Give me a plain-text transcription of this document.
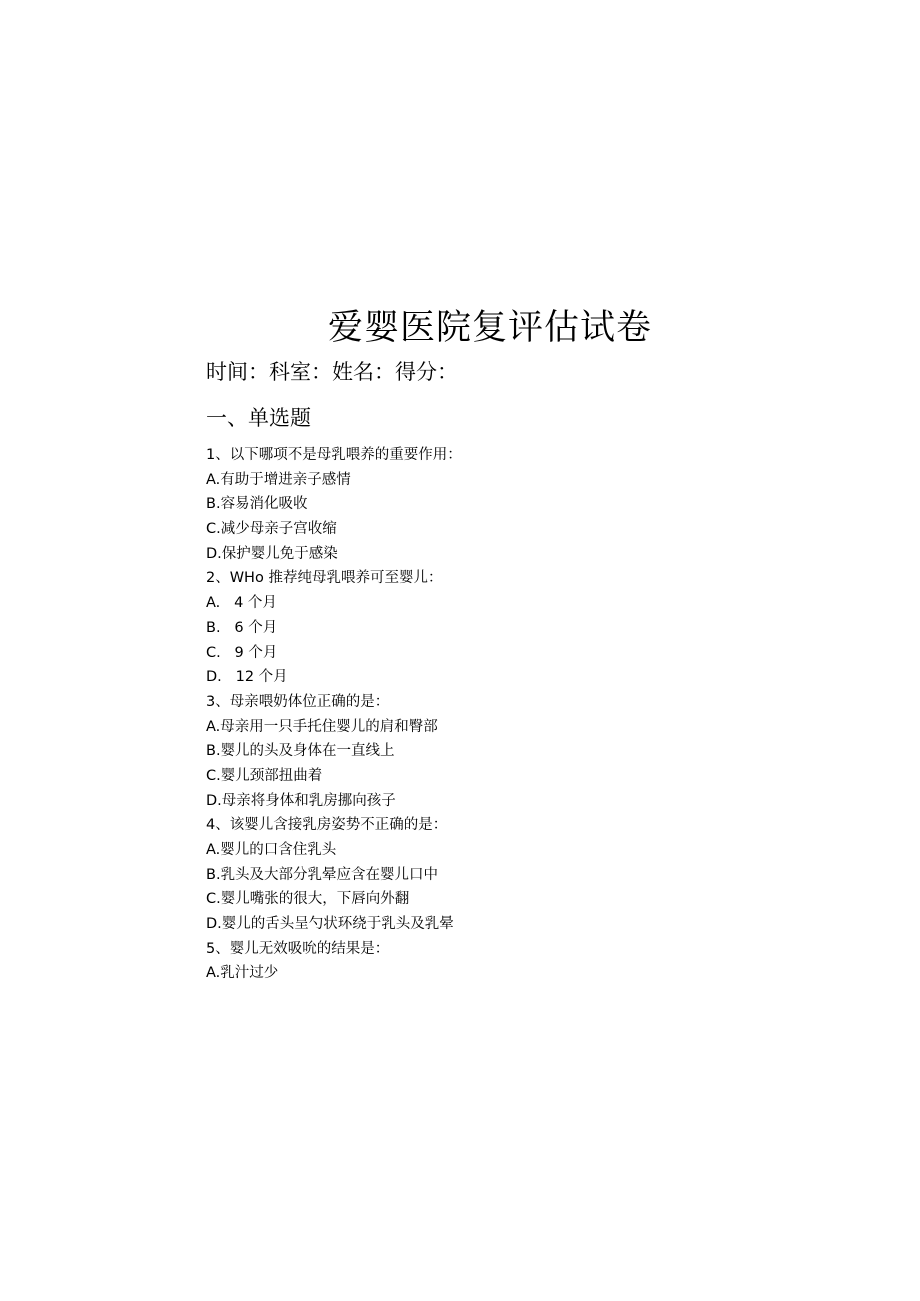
爱婴医院复评估试卷
时间：科室：姓名：得分：
一、单选题
1、以下哪项不是母乳喂养的重要作用：
A.有助于增进亲子感情
B.容易消化吸收
C.减少母亲子宫收缩
D.保护婴儿免于感染
2、WHo 推荐纯母乳喂养可至婴儿：
A.   4 个月
B.   6 个月
C.   9 个月
D.   12 个月
3、母亲喂奶体位正确的是：
A.母亲用一只手托住婴儿的肩和臀部
B.婴儿的头及身体在一直线上
C.婴儿颈部扭曲着
D.母亲将身体和乳房挪向孩子
4、该婴儿含接乳房姿势不正确的是：
A.婴儿的口含住乳头
B.乳头及大部分乳晕应含在婴儿口中
C.婴儿嘴张的很大，下唇向外翻
D.婴儿的舌头呈勺状环绕于乳头及乳晕
5、婴儿无效吸吮的结果是：
A.乳汁过少
